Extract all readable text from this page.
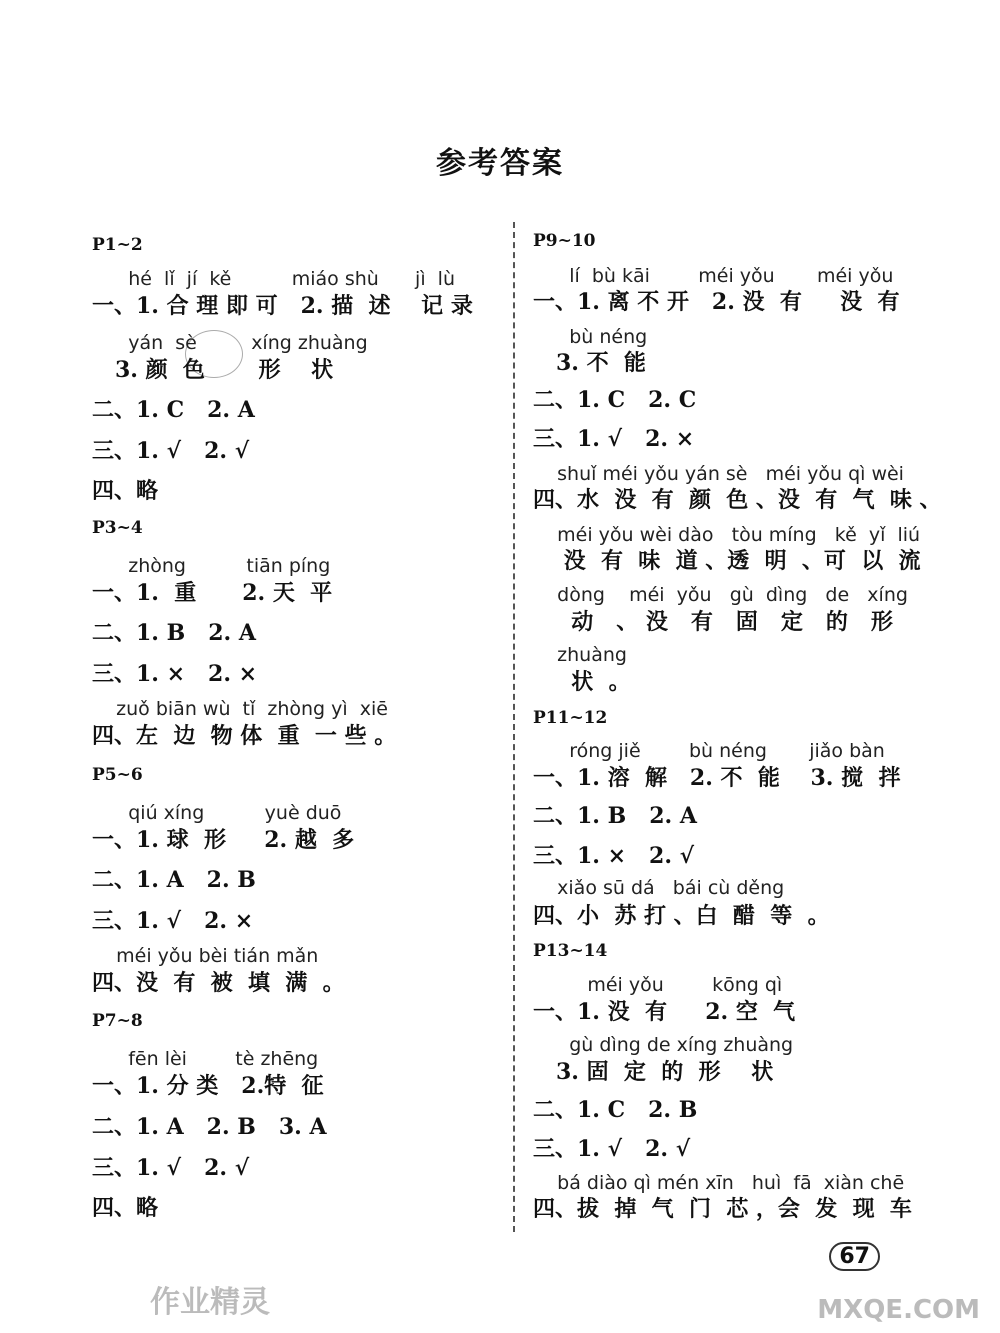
参考答案
P1~2
hé  lǐ  jí  kě          miáo shù      jì  lù
一、1. 合 理 即 可   2. 描  述    记 录
yán  sè         xíng zhuàng
3. 颜  色       形    状
二、1. C   2. A
三、1. √   2. √
四、略
P3~4
zhòng          tiān píng
一、1.  重      2. 天  平
二、1. B   2. A
三、1. ×   2. ×
zuǒ biān wù  tǐ  zhòng yì  xiē
四、左  边  物 体  重  一 些 。
P5~6
qiú xíng          yuè duō
一、1. 球  形     2. 越  多
二、1. A   2. B
三、1. √   2. ×
méi yǒu bèi tián mǎn
四、没  有  被  填  满  。
P7~8
fēn lèi        tè zhēng
一、1. 分 类   2.特  征
二、1. A   2. B   3. A
三、1. √   2. √
四、略
P9~10
lí  bù kāi        méi yǒu       méi yǒu
一、1. 离 不 开   2. 没  有     没  有
bù néng
3. 不  能
二、1. C   2. C
三、1. √   2. ×
shuǐ méi yǒu yán sè   méi yǒu qì wèi
四、水  没  有  颜  色 、没  有  气  味 、
méi yǒu wèi dào   tòu míng   kě  yǐ  liú
没  有  味  道 、透  明  、可  以  流
dòng    méi  yǒu   gù  dìng   de   xíng
动   、 没   有   固   定   的   形
zhuàng
状  。
P11~12
róng jiě        bù néng       jiǎo bàn
一、1. 溶  解   2. 不  能    3. 搅  拌
二、1. B   2. A
三、1. ×   2. √
xiǎo sū dá   bái cù děng
四、小  苏 打 、白  醋  等  。
P13~14
méi yǒu        kōng qì
一、1. 没  有     2. 空  气
gù dìng de xíng zhuàng
3. 固  定  的  形    状
二、1. C   2. B
三、1. √   2. √
bá diào qì mén xīn   huì  fā  xiàn chē
四、拔  掉  气  门  芯 ，会  发  现  车
67
作业精灵	MXQE.COM
